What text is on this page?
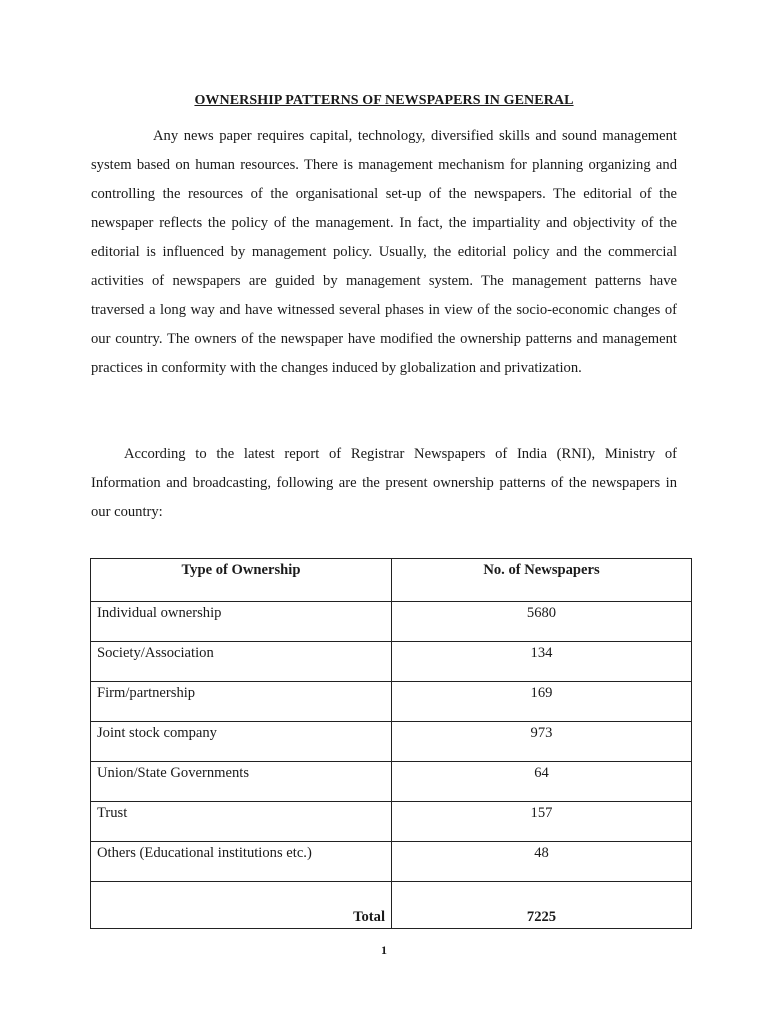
OWNERSHIP PATTERNS OF NEWSPAPERS IN GENERAL

Any news paper requires capital, technology, diversified skills and sound management system based on human resources. There is management mechanism for planning organizing and controlling the resources of the organisational set-up of the newspapers. The editorial of the newspaper reflects the policy of the management. In fact, the impartiality and objectivity of the editorial is influenced by management policy. Usually, the editorial policy and the commercial activities of newspapers are guided by management system. The management patterns have traversed a long way and have witnessed several phases in view of the socio-economic changes of our country. The owners of the newspaper have modified the ownership patterns and management practices in conformity with the changes induced by globalization and privatization.

According to the latest report of Registrar Newspapers of India (RNI), Ministry of Information and broadcasting, following are the present ownership patterns of the newspapers in our country:

Type of Ownership	No. of Newspapers
Individual ownership	5680
Society/Association	134
Firm/partnership	169
Joint stock company	973
Union/State Governments	64
Trust	157
Others (Educational institutions etc.)	48
Total	7225
1
